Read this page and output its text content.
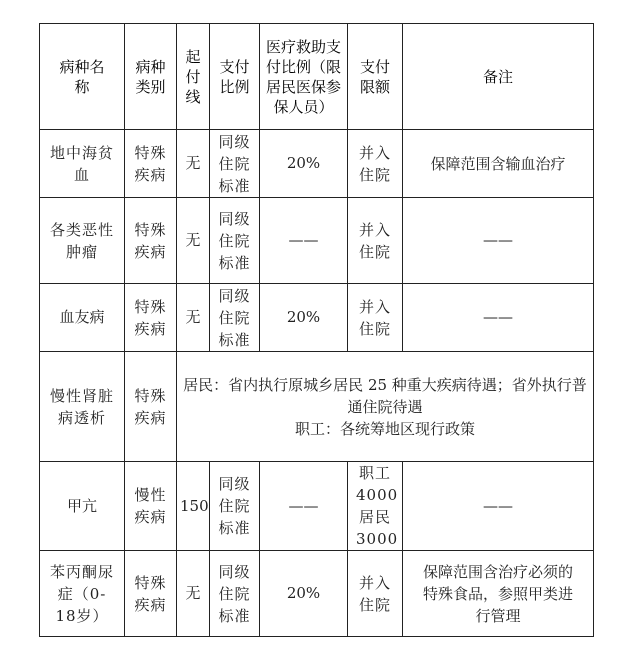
病种名称	病种类别	起付线	支付比例	医疗救助支付比例（限居民医保参保人员）	支付限额	备注
地中海贫血	特殊疾病	无	同级住院标准	20%	并入住院	保障范围含输血治疗
各类恶性肿瘤	特殊疾病	无	同级住院标准	——	并入住院	——
血友病	特殊疾病	无	同级住院标准	20%	并入住院	——
慢性肾脏病透析	特殊疾病	居民：省内执行原城乡居民 25 种重大疾病待遇；省外执行普通住院待遇
职工：各统筹地区现行政策				

甲亢	慢性疾病	150	同级住院标准	——	职工4000居民3000	——
苯丙酮尿症（0-18岁）	特殊疾病	无	同级住院标准	20%	并入住院	保障范围含治疗必须的特殊食品，参照甲类进行管理
